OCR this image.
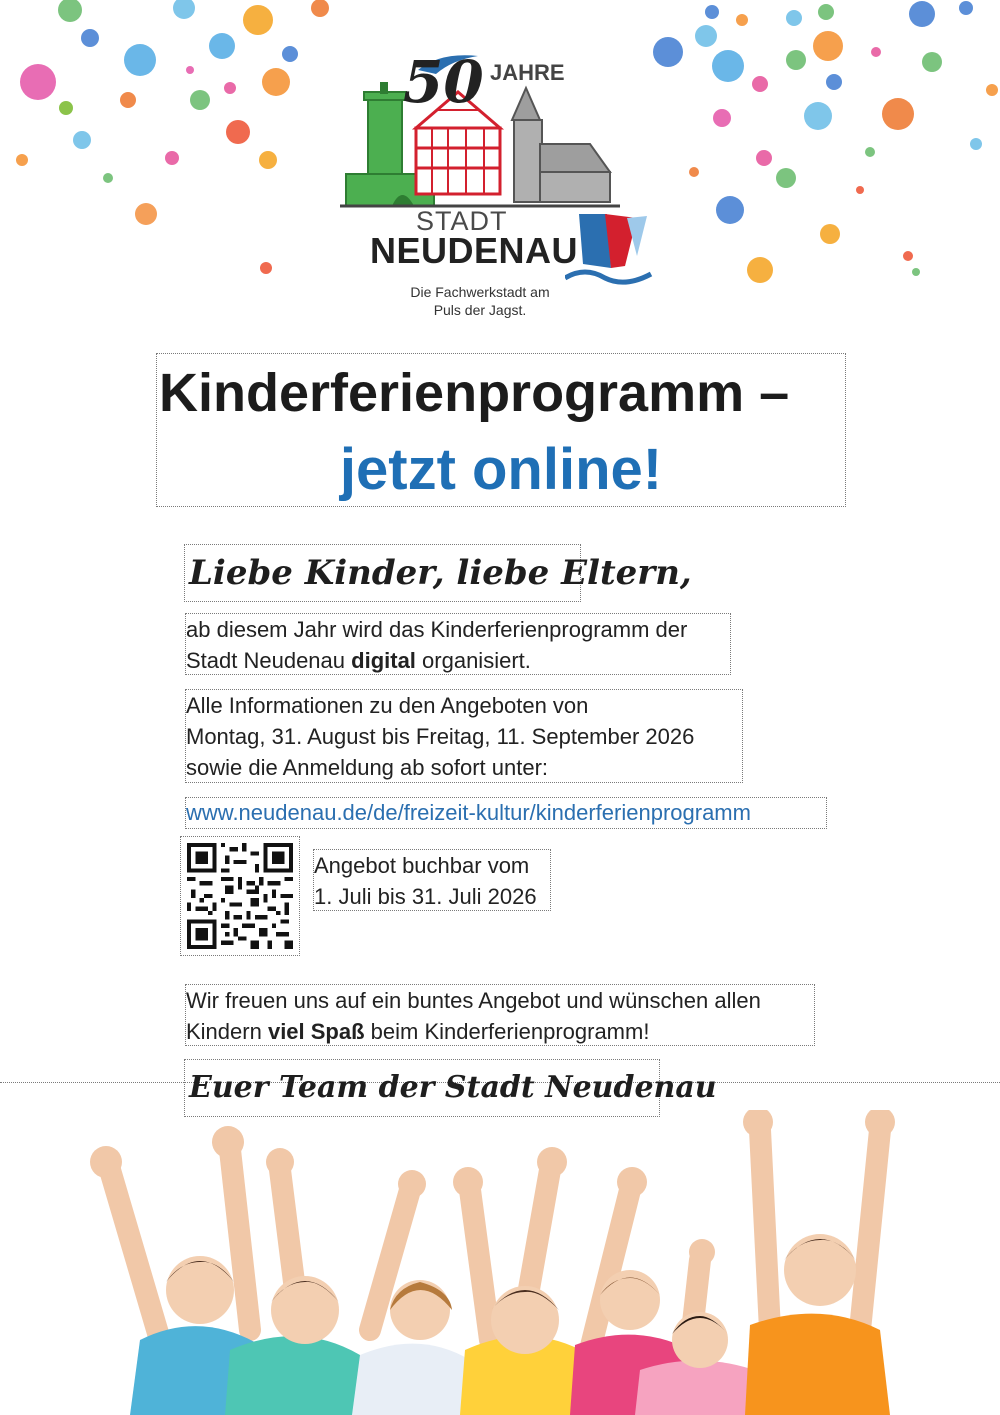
50 JAHRE
STADT
NEUDENAU
Die Fachwerkstadt am
Puls der Jagst.
Kinderferienprogramm –
jetzt online!
Liebe Kinder, liebe Eltern,
ab diesem Jahr wird das Kinderferienprogramm der
Stadt Neudenau digital organisiert.
Alle Informationen zu den Angeboten von
Montag, 31. August bis Freitag, 11. September 2026
sowie die Anmeldung ab sofort unter:
www.neudenau.de/de/freizeit-kultur/kinderferienprogramm
Angebot buchbar vom
1. Juli bis 31. Juli 2026
Wir freuen uns auf ein buntes Angebot und wünschen allen
Kindern viel Spaß beim Kinderferienprogramm!
Euer Team der Stadt Neudenau
